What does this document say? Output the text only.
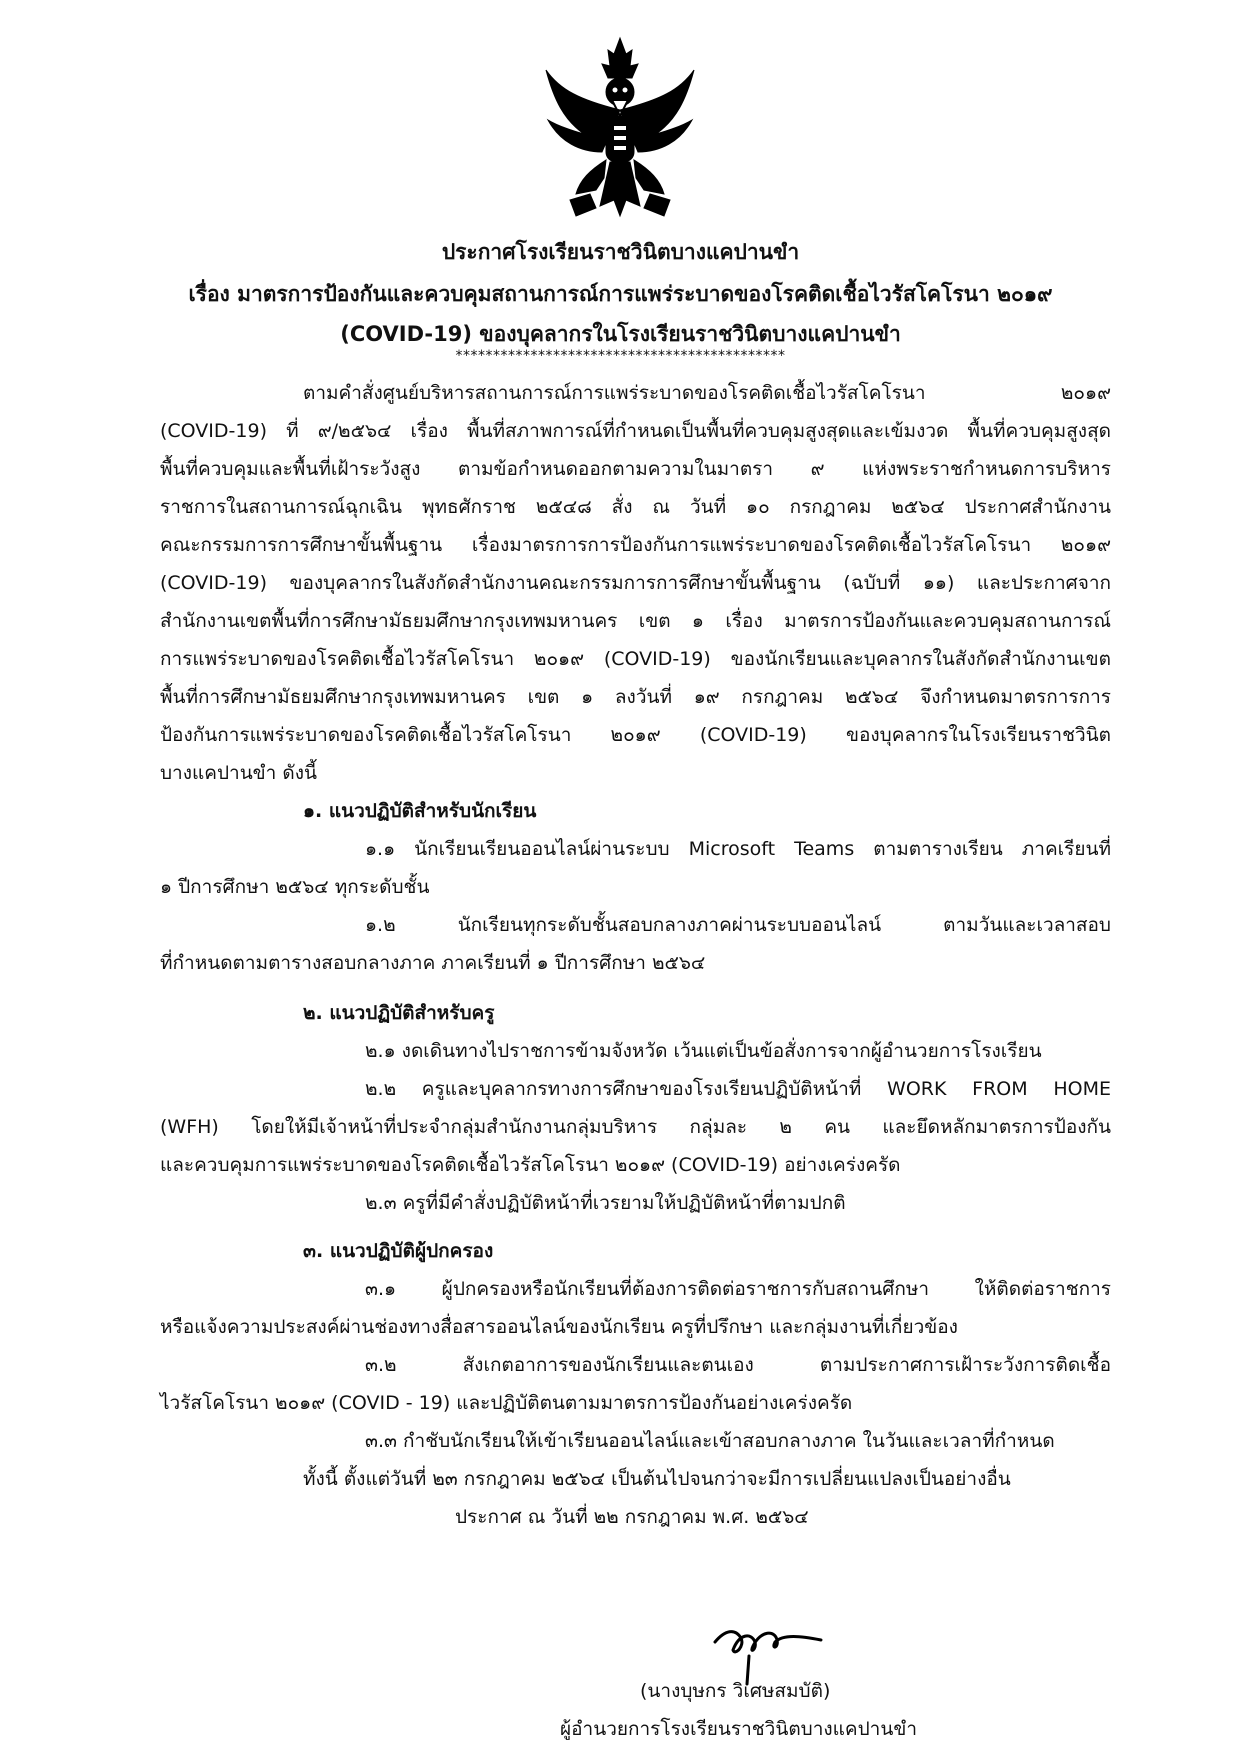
ประกาศโรงเรียนราชวินิตบางแคปานขำ
เรื่อง มาตรการป้องกันและควบคุมสถานการณ์การแพร่ระบาดของโรคติดเชื้อไวรัสโคโรนา ๒๐๑๙
(COVID-19) ของบุคลากรในโรงเรียนราชวินิตบางแคปานขำ
********************************************
ตามคำสั่งศูนย์บริหารสถานการณ์การแพร่ระบาดของโรคติดเชื้อไวรัสโคโรนา ๒๐๑๙
(COVID-19) ที่ ๙/๒๕๖๔ เรื่อง พื้นที่สภาพการณ์ที่กำหนดเป็นพื้นที่ควบคุมสูงสุดและเข้มงวด พื้นที่ควบคุมสูงสุด
พื้นที่ควบคุมและพื้นที่เฝ้าระวังสูง ตามข้อกำหนดออกตามความในมาตรา ๙ แห่งพระราชกำหนดการบริหาร
ราชการในสถานการณ์ฉุกเฉิน พุทธศักราช ๒๕๔๘ สั่ง ณ วันที่ ๑๐ กรกฎาคม ๒๕๖๔ ประกาศสำนักงาน
คณะกรรมการการศึกษาขั้นพื้นฐาน เรื่องมาตรการการป้องกันการแพร่ระบาดของโรคติดเชื้อไวรัสโคโรนา ๒๐๑๙
(COVID-19) ของบุคลากรในสังกัดสำนักงานคณะกรรมการการศึกษาขั้นพื้นฐาน (ฉบับที่ ๑๑) และประกาศจาก
สำนักงานเขตพื้นที่การศึกษามัธยมศึกษากรุงเทพมหานคร เขต ๑ เรื่อง มาตรการป้องกันและควบคุมสถานการณ์
การแพร่ระบาดของโรคติดเชื้อไวรัสโคโรนา ๒๐๑๙ (COVID-19) ของนักเรียนและบุคลากรในสังกัดสำนักงานเขต
พื้นที่การศึกษามัธยมศึกษากรุงเทพมหานคร เขต ๑ ลงวันที่ ๑๙ กรกฎาคม ๒๕๖๔ จึงกำหนดมาตรการการ
ป้องกันการแพร่ระบาดของโรคติดเชื้อไวรัสโคโรนา ๒๐๑๙ (COVID-19) ของบุคลากรในโรงเรียนราชวินิต
บางแคปานขำ ดังนี้
๑. แนวปฏิบัติสำหรับนักเรียน
๑.๑ นักเรียนเรียนออนไลน์ผ่านระบบ Microsoft Teams ตามตารางเรียน ภาคเรียนที่
๑ ปีการศึกษา ๒๕๖๔ ทุกระดับชั้น
๑.๒ นักเรียนทุกระดับชั้นสอบกลางภาคผ่านระบบออนไลน์ ตามวันและเวลาสอบ
ที่กำหนดตามตารางสอบกลางภาค ภาคเรียนที่ ๑ ปีการศึกษา ๒๕๖๔
๒. แนวปฏิบัติสำหรับครู
๒.๑ งดเดินทางไปราชการข้ามจังหวัด เว้นแต่เป็นข้อสั่งการจากผู้อำนวยการโรงเรียน
๒.๒ ครูและบุคลากรทางการศึกษาของโรงเรียนปฏิบัติหน้าที่ WORK FROM HOME
(WFH) โดยให้มีเจ้าหน้าที่ประจำกลุ่มสำนักงานกลุ่มบริหาร กลุ่มละ ๒ คน และยึดหลักมาตรการป้องกัน
และควบคุมการแพร่ระบาดของโรคติดเชื้อไวรัสโคโรนา ๒๐๑๙ (COVID-19) อย่างเคร่งครัด
๒.๓ ครูที่มีคำสั่งปฏิบัติหน้าที่เวรยามให้ปฏิบัติหน้าที่ตามปกติ
๓. แนวปฏิบัติผู้ปกครอง
๓.๑ ผู้ปกครองหรือนักเรียนที่ต้องการติดต่อราชการกับสถานศึกษา ให้ติดต่อราชการ
หรือแจ้งความประสงค์ผ่านช่องทางสื่อสารออนไลน์ของนักเรียน ครูที่ปรึกษา และกลุ่มงานที่เกี่ยวข้อง
๓.๒ สังเกตอาการของนักเรียนและตนเอง ตามประกาศการเฝ้าระวังการติดเชื้อ
ไวรัสโคโรนา ๒๐๑๙ (COVID - 19) และปฏิบัติตนตามมาตรการป้องกันอย่างเคร่งครัด
๓.๓ กำชับนักเรียนให้เข้าเรียนออนไลน์และเข้าสอบกลางภาค ในวันและเวลาที่กำหนด
ทั้งนี้ ตั้งแต่วันที่ ๒๓ กรกฎาคม ๒๕๖๔ เป็นต้นไปจนกว่าจะมีการเปลี่ยนแปลงเป็นอย่างอื่น
ประกาศ ณ วันที่ ๒๒ กรกฎาคม พ.ศ. ๒๕๖๔
(นางบุษกร วิเศษสมบัติ)
ผู้อำนวยการโรงเรียนราชวินิตบางแคปานขำ
